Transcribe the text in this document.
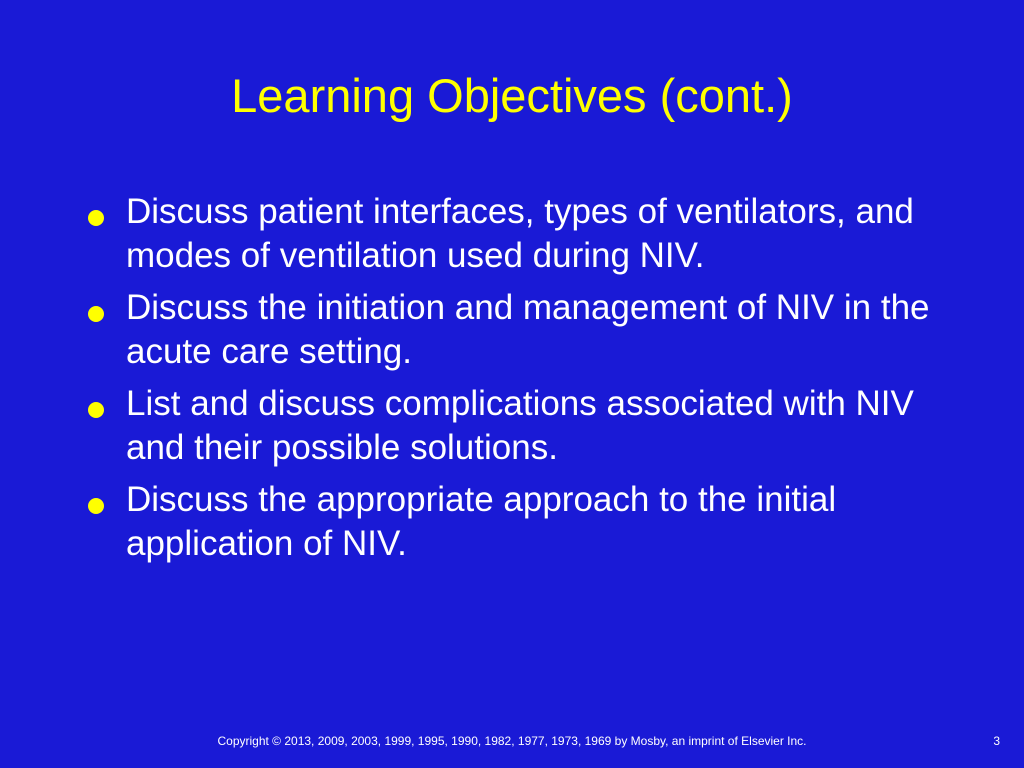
Learning Objectives (cont.)
Discuss patient interfaces, types of ventilators, and modes of ventilation used during NIV.
Discuss the initiation and management of NIV in the acute care setting.
List and discuss complications associated with NIV and their possible solutions.
Discuss the appropriate approach to the initial application of NIV.
Copyright © 2013, 2009, 2003, 1999, 1995, 1990, 1982, 1977, 1973, 1969 by Mosby, an imprint of Elsevier Inc.	3
